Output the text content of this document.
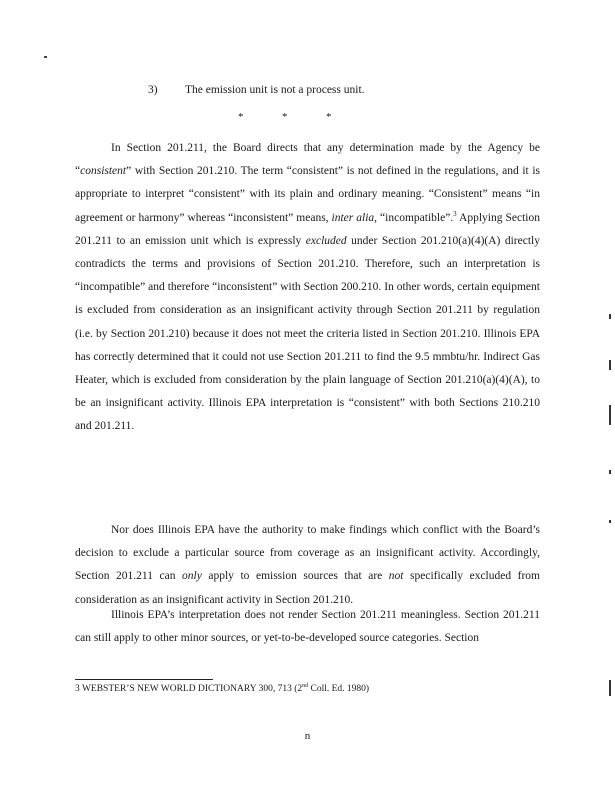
3) The emission unit is not a process unit.
*	*	*

In Section 201.211, the Board directs that any determination made by the Agency be “consistent” with Section 201.210. The term “consistent” is not defined in the regulations, and it is appropriate to interpret “consistent” with its plain and ordinary meaning. “Consistent” means “in agreement or harmony” whereas “inconsistent” means, inter alia, “incompatible”.$^3$ Applying Section 201.211 to an emission unit which is expressly excluded under Section 201.210(a)(4)(A) directly contradicts the terms and provisions of Section 201.210. Therefore, such an interpretation is “incompatible” and therefore “inconsistent” with Section 200.210. In other words, certain equipment is excluded from consideration as an insignificant activity through Section 201.211 by regulation (i.e. by Section 201.210) because it does not meet the criteria listed in Section 201.210. Illinois EPA has correctly determined that it could not use Section 201.211 to find the 9.5 mmbtu/hr. Indirect Gas Heater, which is excluded from consideration by the plain language of Section 201.210(a)(4)(A), to be an insignificant activity. Illinois EPA interpretation is “consistent” with both Sections 210.210 and 201.211.

Nor does Illinois EPA have the authority to make findings which conflict with the Board’s decision to exclude a particular source from coverage as an insignificant activity. Accordingly, Section 201.211 can only apply to emission sources that are not specifically excluded from consideration as an insignificant activity in Section 201.210.

Illinois EPA’s interpretation does not render Section 201.211 meaningless. Section 201.211 can still apply to other minor sources, or yet-to-be-developed source categories. Section

3 WEBSTER’S NEW WORLD DICTIONARY 300, 713 (2nd Coll. Ed. 1980)
n
